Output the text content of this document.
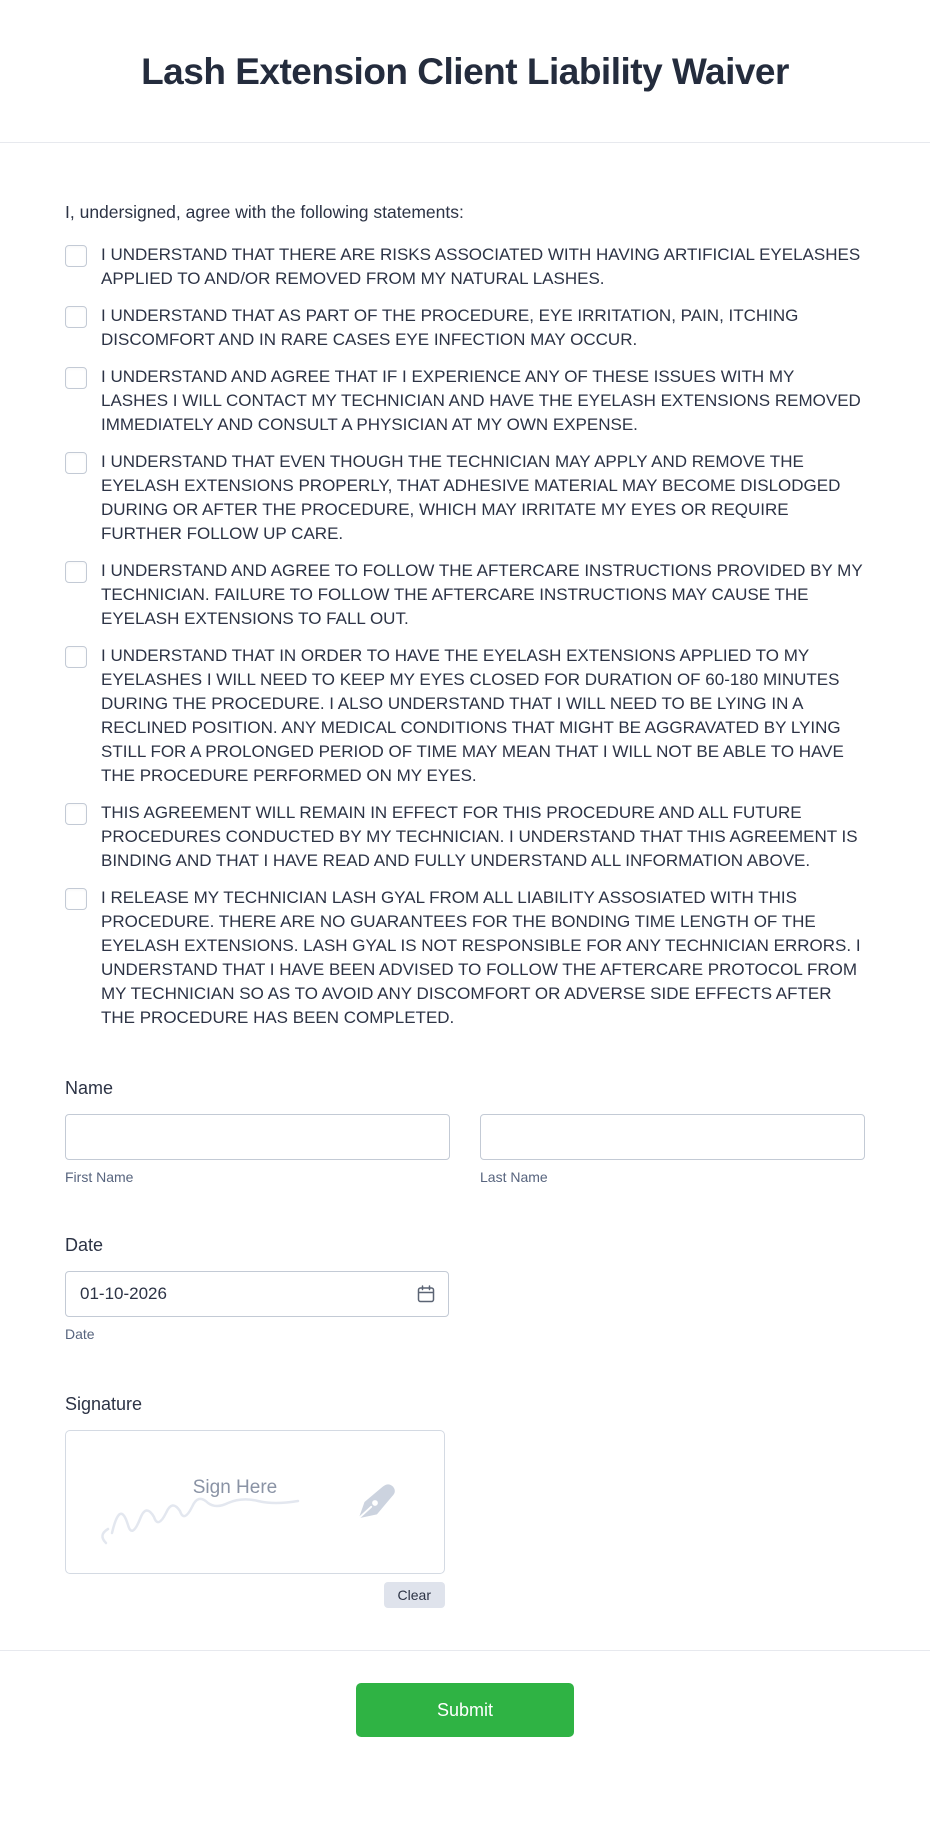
Lash Extension Client Liability Waiver
I, undersigned, agree with the following statements:
I UNDERSTAND THAT THERE ARE RISKS ASSOCIATED WITH HAVING ARTIFICIAL EYELASHES APPLIED TO AND/OR REMOVED FROM MY NATURAL LASHES.
I UNDERSTAND THAT AS PART OF THE PROCEDURE, EYE IRRITATION, PAIN, ITCHING DISCOMFORT AND IN RARE CASES EYE INFECTION MAY OCCUR.
I UNDERSTAND AND AGREE THAT IF I EXPERIENCE ANY OF THESE ISSUES WITH MY LASHES I WILL CONTACT MY TECHNICIAN AND HAVE THE EYELASH EXTENSIONS REMOVED IMMEDIATELY AND CONSULT A PHYSICIAN AT MY OWN EXPENSE.
I UNDERSTAND THAT EVEN THOUGH THE TECHNICIAN MAY APPLY AND REMOVE THE EYELASH EXTENSIONS PROPERLY, THAT ADHESIVE MATERIAL MAY BECOME DISLODGED DURING OR AFTER THE PROCEDURE, WHICH MAY IRRITATE MY EYES OR REQUIRE FURTHER FOLLOW UP CARE.
I UNDERSTAND AND AGREE TO FOLLOW THE AFTERCARE INSTRUCTIONS PROVIDED BY MY TECHNICIAN. FAILURE TO FOLLOW THE AFTERCARE INSTRUCTIONS MAY CAUSE THE EYELASH EXTENSIONS TO FALL OUT.
I UNDERSTAND THAT IN ORDER TO HAVE THE EYELASH EXTENSIONS APPLIED TO MY EYELASHES I WILL NEED TO KEEP MY EYES CLOSED FOR DURATION OF 60-180 MINUTES DURING THE PROCEDURE. I ALSO UNDERSTAND THAT I WILL NEED TO BE LYING IN A RECLINED POSITION. ANY MEDICAL CONDITIONS THAT MIGHT BE AGGRAVATED BY LYING STILL FOR A PROLONGED PERIOD OF TIME MAY MEAN THAT I WILL NOT BE ABLE TO HAVE THE PROCEDURE PERFORMED ON MY EYES.
THIS AGREEMENT WILL REMAIN IN EFFECT FOR THIS PROCEDURE AND ALL FUTURE PROCEDURES CONDUCTED BY MY TECHNICIAN. I UNDERSTAND THAT THIS AGREEMENT IS BINDING AND THAT I HAVE READ AND FULLY UNDERSTAND ALL INFORMATION ABOVE.
I RELEASE MY TECHNICIAN LASH GYAL FROM ALL LIABILITY ASSOSIATED WITH THIS PROCEDURE. THERE ARE NO GUARANTEES FOR THE BONDING TIME LENGTH OF THE EYELASH EXTENSIONS. LASH GYAL IS NOT RESPONSIBLE FOR ANY TECHNICIAN ERRORS. I UNDERSTAND THAT I HAVE BEEN ADVISED TO FOLLOW THE AFTERCARE PROTOCOL FROM MY TECHNICIAN SO AS TO AVOID ANY DISCOMFORT OR ADVERSE SIDE EFFECTS AFTER THE PROCEDURE HAS BEEN COMPLETED.
Name
First Name	Last Name
Date
01-10-2026
Date
Signature
Sign Here
Clear
Submit
